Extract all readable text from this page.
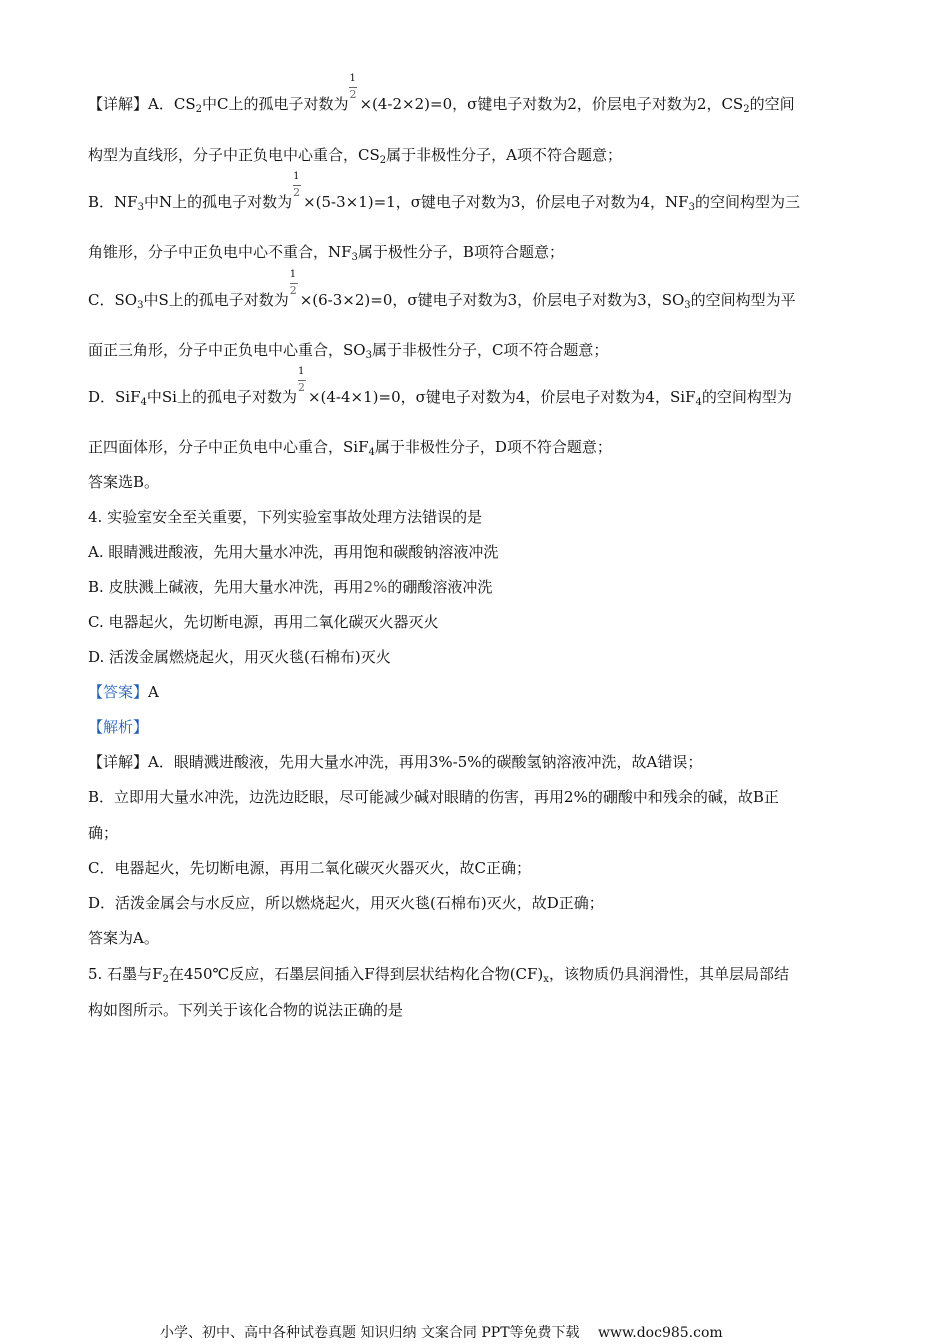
【详解】A．$CS_2$中C上的孤电子对数为 $\frac{1}{2} \times(4-2\times 2)=0$，σ键电子对数为2，价层电子对数为2，$CS_2$的空间
构型为直线形，分子中正负电中心重合，$CS_2$属于非极性分子，A项不符合题意；
B．$NF_3$中N上的孤电子对数为 $\frac{1}{2} \times(5-3\times 1)=1$，σ键电子对数为3，价层电子对数为4，$NF_3$的空间构型为三
角锥形，分子中正负电中心不重合，$NF_3$属于极性分子，B项符合题意；
C．$SO_3$中S上的孤电子对数为 $\frac{1}{2} \times(6-3\times 2)=0$，σ键电子对数为3，价层电子对数为3，$SO_3$的空间构型为平
面正三角形，分子中正负电中心重合，$SO_3$属于非极性分子，C项不符合题意；
D．SiF$_4$中Si上的孤电子对数为 $\frac{1}{2} \times(4-4\times 1)=0$，σ键电子对数为4，价层电子对数为4，SiF$_4$的空间构型为
正四面体形，分子中正负电中心重合，SiF$_4$属于非极性分子，D项不符合题意；
答案选B。
4. 实验室安全至关重要，下列实验室事故处理方法错误的是
A. 眼睛溅进酸液，先用大量水冲洗，再用饱和碳酸钠溶液冲洗
B. 皮肤溅上碱液，先用大量水冲洗，再用2%的硼酸溶液冲洗
C. 电器起火，先切断电源，再用二氧化碳灭火器灭火
D. 活泼金属燃烧起火，用灭火毯(石棉布)灭火
【答案】A
【解析】
【详解】A．眼睛溅进酸液，先用大量水冲洗，再用3%-5%的碳酸氢钠溶液冲洗，故A错误；
B．立即用大量水冲洗，边洗边眨眼，尽可能减少碱对眼睛的伤害，再用2%的硼酸中和残余的碱，故B正
确；
C．电器起火，先切断电源，再用二氧化碳灭火器灭火，故C正确；
D．活泼金属会与水反应，所以燃烧起火，用灭火毯(石棉布)灭火，故D正确；
答案为A。
5. 石墨与$F_2$在450℃反应，石墨层间插入F得到层状结构化合物$(CF)_x$，该物质仍具润滑性，其单层局部结
构如图所示。下列关于该化合物的说法正确的是
小学、初中、高中各种试卷真题 知识归纳 文案合同 PPT等免费下载　 www.doc985.com
